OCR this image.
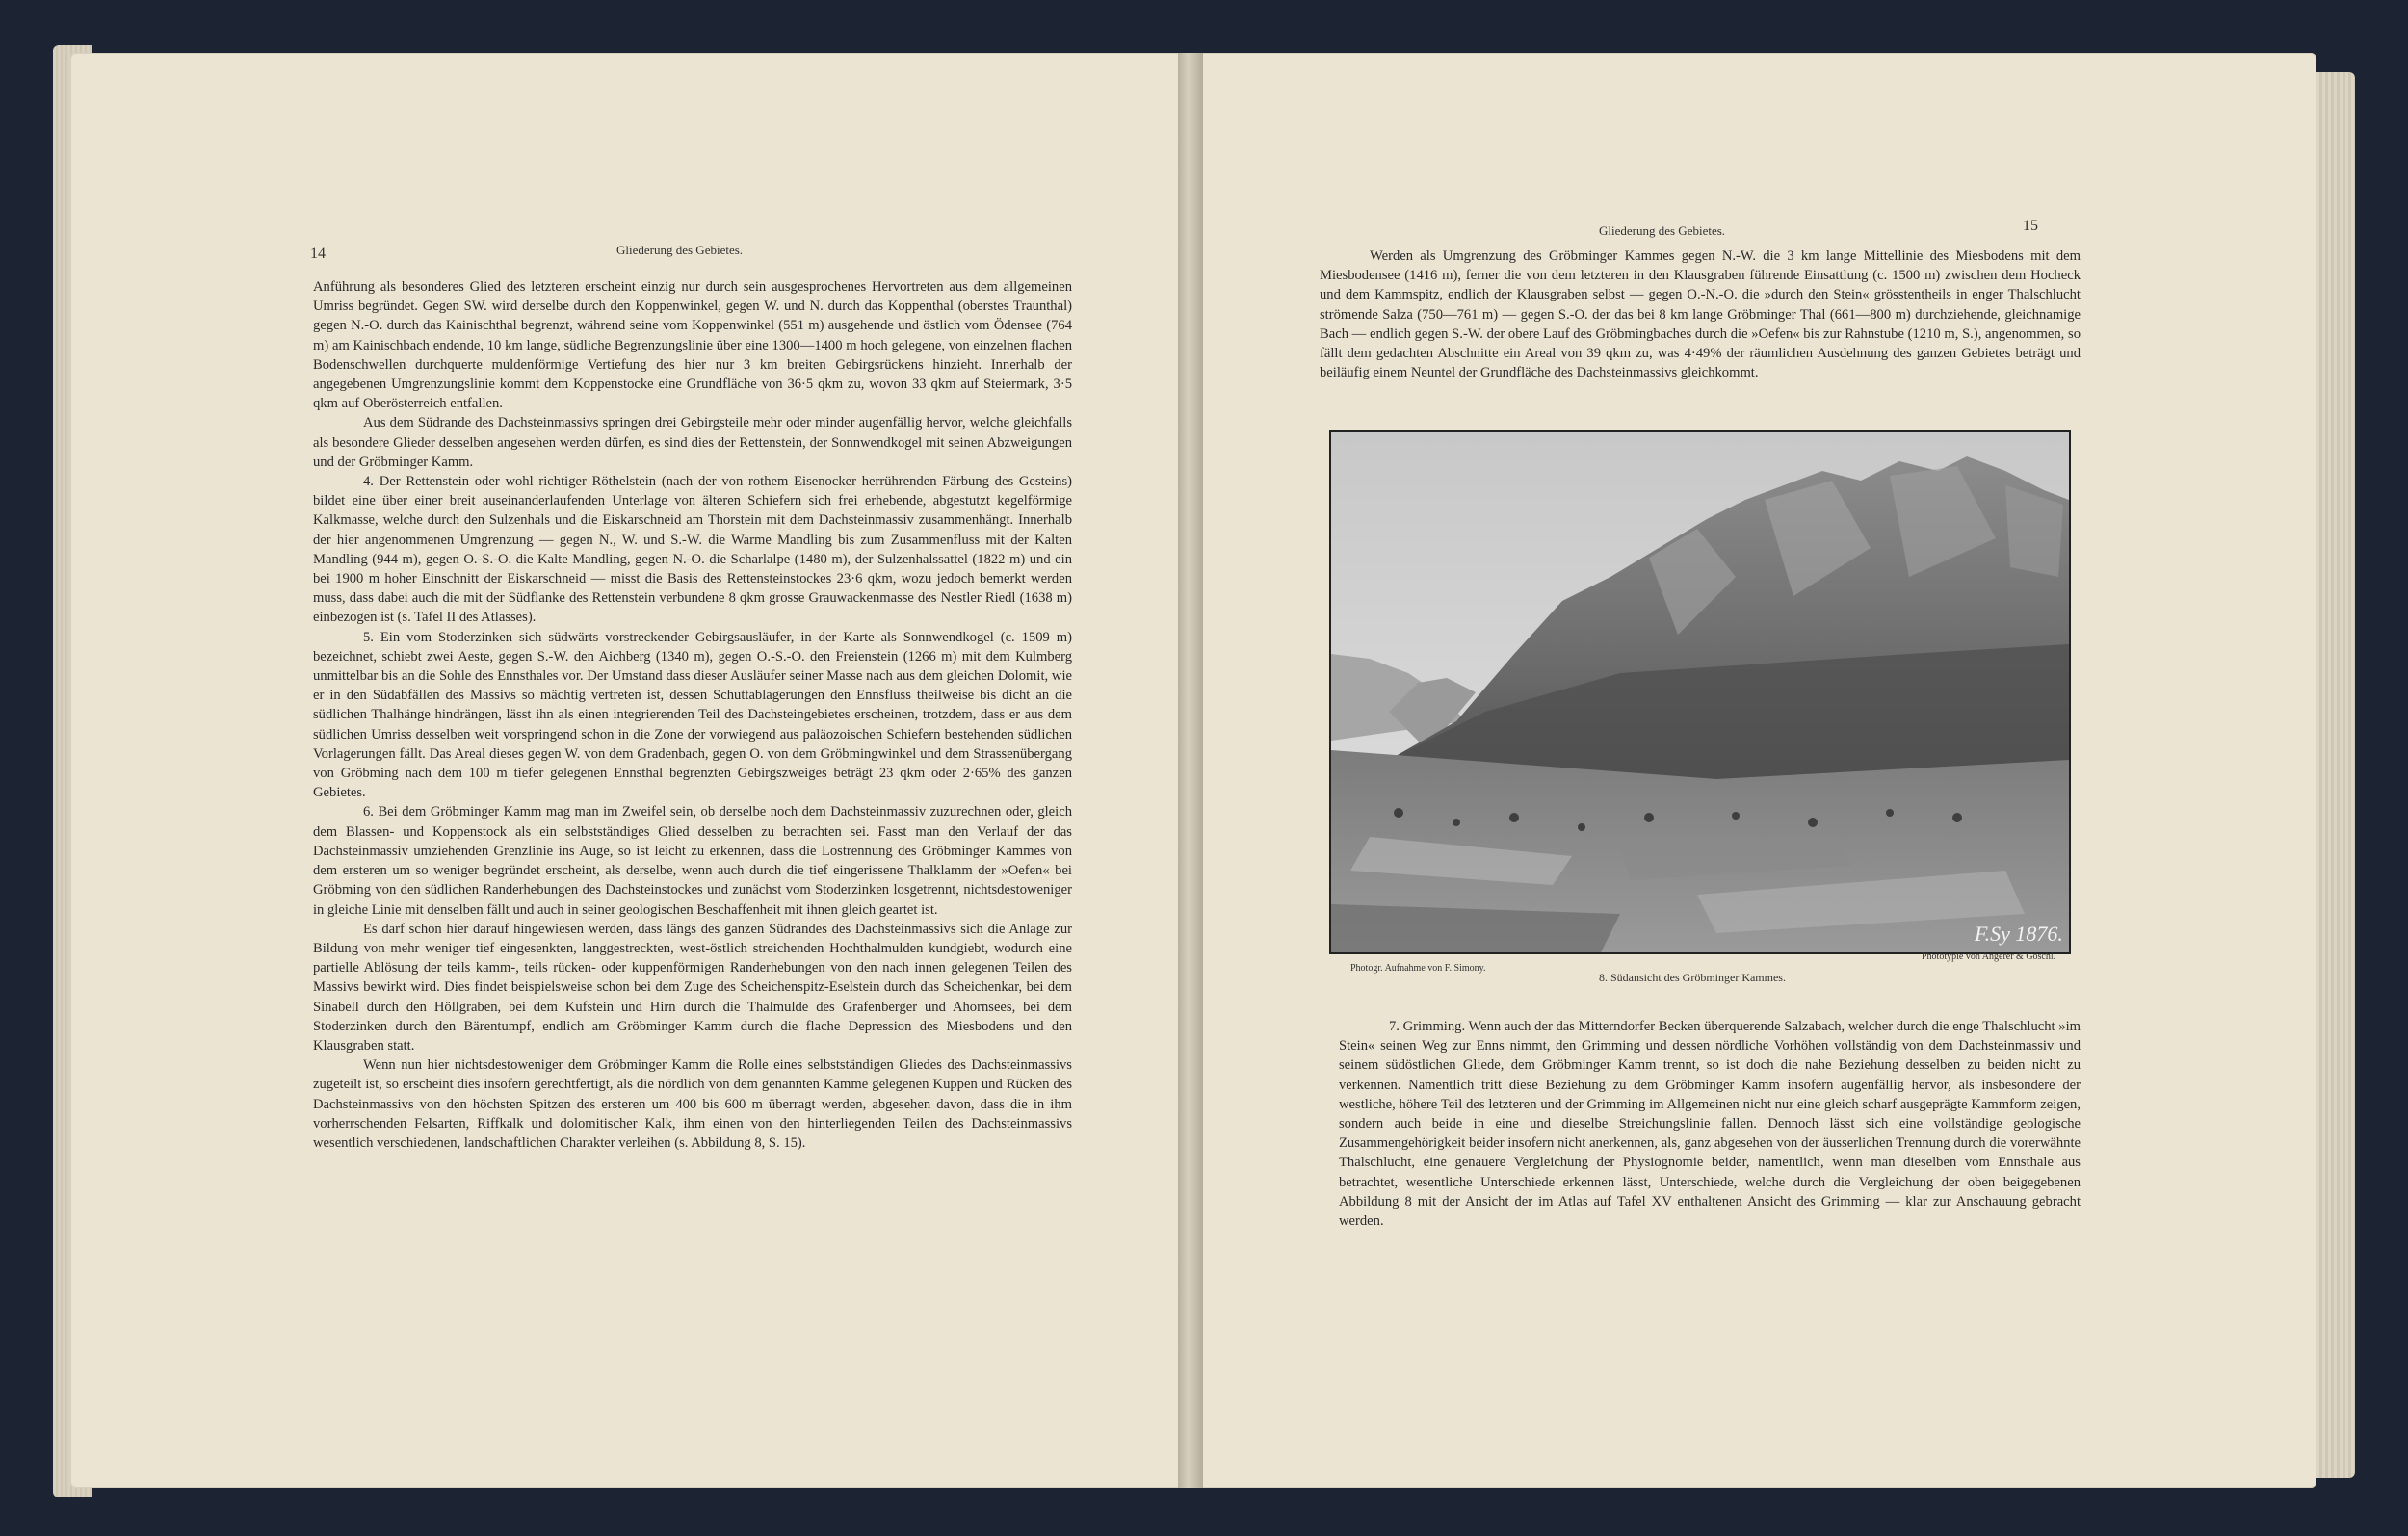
14	Gliederung des Gebietes.

Anführung als besonderes Glied des letzteren erscheint einzig nur durch sein ausgesprochenes Hervortreten aus dem allgemeinen Umriss begründet. Gegen SW. wird derselbe durch den Koppenwinkel, gegen W. und N. durch das Koppenthal (oberstes Traunthal) gegen N.-O. durch das Kainischthal begrenzt, während seine vom Koppenwinkel (551 m) ausgehende und östlich vom Ödensee (764 m) am Kainischbach endende, 10 km lange, südliche Begrenzungslinie über eine 1300—1400 m hoch gelegene, von einzelnen flachen Bodenschwellen durchquerte muldenförmige Vertiefung des hier nur 3 km breiten Gebirgsrückens hinzieht. Innerhalb der angegebenen Umgrenzungslinie kommt dem Koppenstocke eine Grundfläche von 36·5 qkm zu, wovon 33 qkm auf Steiermark, 3·5 qkm auf Oberösterreich entfallen.

Aus dem Südrande des Dachsteinmassivs springen drei Gebirgsteile mehr oder minder augenfällig hervor, welche gleichfalls als besondere Glieder desselben angesehen werden dürfen, es sind dies der Rettenstein, der Sonnwendkogel mit seinen Abzweigungen und der Gröbminger Kamm.

4. Der Rettenstein oder wohl richtiger Röthelstein (nach der von rothem Eisenocker herrührenden Färbung des Gesteins) bildet eine über einer breit auseinanderlaufenden Unterlage von älteren Schiefern sich frei erhebende, abgestutzt kegelförmige Kalkmasse, welche durch den Sulzenhals und die Eiskarschneid am Thorstein mit dem Dachsteinmassiv zusammenhängt. Innerhalb der hier angenommenen Umgrenzung — gegen N., W. und S.-W. die Warme Mandling bis zum Zusammenfluss mit der Kalten Mandling (944 m), gegen O.-S.-O. die Kalte Mandling, gegen N.-O. die Scharlalpe (1480 m), der Sulzenhalssattel (1822 m) und ein bei 1900 m hoher Einschnitt der Eiskarschneid — misst die Basis des Rettensteinstockes 23·6 qkm, wozu jedoch bemerkt werden muss, dass dabei auch die mit der Südflanke des Rettenstein verbundene 8 qkm grosse Grauwackenmasse des Nestler Riedl (1638 m) einbezogen ist (s. Tafel II des Atlasses).

5. Ein vom Stoderzinken sich südwärts vorstreckender Gebirgsausläufer, in der Karte als Sonnwendkogel (c. 1509 m) bezeichnet, schiebt zwei Aeste, gegen S.-W. den Aichberg (1340 m), gegen O.-S.-O. den Freienstein (1266 m) mit dem Kulmberg unmittelbar bis an die Sohle des Ennsthales vor. Der Umstand dass dieser Ausläufer seiner Masse nach aus dem gleichen Dolomit, wie er in den Südabfällen des Massivs so mächtig vertreten ist, dessen Schuttablagerungen den Ennsfluss theilweise bis dicht an die südlichen Thalhänge hindrängen, lässt ihn als einen integrierenden Teil des Dachsteingebietes erscheinen, trotzdem, dass er aus dem südlichen Umriss desselben weit vorspringend schon in die Zone der vorwiegend aus paläozoischen Schiefern bestehenden südlichen Vorlagerungen fällt. Das Areal dieses gegen W. von dem Gradenbach, gegen O. von dem Gröbmingwinkel und dem Strassenübergang von Gröbming nach dem 100 m tiefer gelegenen Ennsthal begrenzten Gebirgszweiges beträgt 23 qkm oder 2·65% des ganzen Gebietes.

6. Bei dem Gröbminger Kamm mag man im Zweifel sein, ob derselbe noch dem Dachsteinmassiv zuzurechnen oder, gleich dem Blassen- und Koppenstock als ein selbstständiges Glied desselben zu betrachten sei. Fasst man den Verlauf der das Dachsteinmassiv umziehenden Grenzlinie ins Auge, so ist leicht zu erkennen, dass die Lostrennung des Gröbminger Kammes von dem ersteren um so weniger begründet erscheint, als derselbe, wenn auch durch die tief eingerissene Thalklamm der »Oefen« bei Gröbming von den südlichen Randerhebungen des Dachsteinstockes und zunächst vom Stoderzinken losgetrennt, nichtsdestoweniger in gleiche Linie mit denselben fällt und auch in seiner geologischen Beschaffenheit mit ihnen gleich geartet ist.

Es darf schon hier darauf hingewiesen werden, dass längs des ganzen Südrandes des Dachsteinmassivs sich die Anlage zur Bildung von mehr weniger tief eingesenkten, langgestreckten, west-östlich streichenden Hochthalmulden kundgiebt, wodurch eine partielle Ablösung der teils kamm-, teils rücken- oder kuppenförmigen Randerhebungen von den nach innen gelegenen Teilen des Massivs bewirkt wird. Dies findet beispielsweise schon bei dem Zuge des Scheichenspitz-Eselstein durch das Scheichenkar, bei dem Sinabell durch den Höllgraben, bei dem Kufstein und Hirn durch die Thalmulde des Grafenberger und Ahornsees, bei dem Stoderzinken durch den Bärentumpf, endlich am Gröbminger Kamm durch die flache Depression des Miesbodens und den Klausgraben statt.

Wenn nun hier nichtsdestoweniger dem Gröbminger Kamm die Rolle eines selbstständigen Gliedes des Dachsteinmassivs zugeteilt ist, so erscheint dies insofern gerechtfertigt, als die nördlich von dem genannten Kamme gelegenen Kuppen und Rücken des Dachsteinmassivs von den höchsten Spitzen des ersteren um 400 bis 600 m überragt werden, abgesehen davon, dass die in ihm vorherrschenden Felsarten, Riffkalk und dolomitischer Kalk, ihm einen von den hinterliegenden Teilen des Dachsteinmassivs wesentlich verschiedenen, landschaftlichen Charakter verleihen (s. Abbildung 8, S. 15).

Gliederung des Gebietes.	15

Werden als Umgrenzung des Gröbminger Kammes gegen N.-W. die 3 km lange Mittellinie des Miesbodens mit dem Miesbodensee (1416 m), ferner die von dem letzteren in den Klausgraben führende Einsattlung (c. 1500 m) zwischen dem Hocheck und dem Kammspitz, endlich der Klausgraben selbst — gegen O.-N.-O. die »durch den Stein« grösstentheils in enger Thalschlucht strömende Salza (750—761 m) — gegen S.-O. der das bei 8 km lange Gröbminger Thal (661—800 m) durchziehende, gleichnamige Bach — endlich gegen S.-W. der obere Lauf des Gröbmingbaches durch die »Oefen« bis zur Rahnstube (1210 m, S.), angenommen, so fällt dem gedachten Abschnitte ein Areal von 39 qkm zu, was 4·49% der räumlichen Ausdehnung des ganzen Gebietes beträgt und beiläufig einem Neuntel der Grundfläche des Dachsteinmassivs gleichkommt.

F.Sy 1876.
Photogr. Aufnahme von F. Simony.
Phototypie von Angerer & Göschl.
8. Südansicht des Gröbminger Kammes.

7. Grimming. Wenn auch der das Mitterndorfer Becken überquerende Salzabach, welcher durch die enge Thalschlucht »im Stein« seinen Weg zur Enns nimmt, den Grimming und dessen nördliche Vorhöhen vollständig von dem Dachsteinmassiv und seinem südöstlichen Gliede, dem Gröbminger Kamm trennt, so ist doch die nahe Beziehung desselben zu beiden nicht zu verkennen. Namentlich tritt diese Beziehung zu dem Gröbminger Kamm insofern augenfällig hervor, als insbesondere der westliche, höhere Teil des letzteren und der Grimming im Allgemeinen nicht nur eine gleich scharf ausgeprägte Kammform zeigen, sondern auch beide in eine und dieselbe Streichungslinie fallen. Dennoch lässt sich eine vollständige geologische Zusammengehörigkeit beider insofern nicht anerkennen, als, ganz abgesehen von der äusserlichen Trennung durch die vorerwähnte Thalschlucht, eine genauere Vergleichung der Physiognomie beider, namentlich, wenn man dieselben vom Ennsthale aus betrachtet, wesentliche Unterschiede erkennen lässt, Unterschiede, welche durch die Vergleichung der oben beigegebenen Abbildung 8 mit der Ansicht der im Atlas auf Tafel XV enthaltenen Ansicht des Grimming — klar zur Anschauung gebracht werden.
